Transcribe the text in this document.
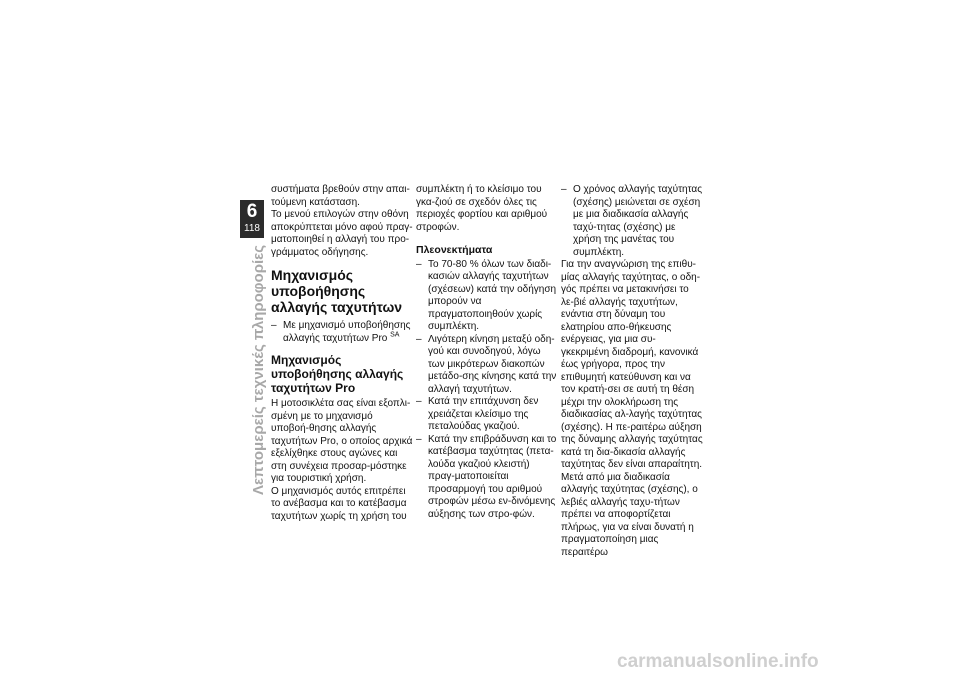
6
118
Λεπτομερείς τεχνικές πληροφορίες

συστήματα βρεθούν στην απαι-τούμενη κατάσταση.
Το μενού επιλογών στην οθόνη αποκρύπτεται μόνο αφού πραγ-ματοποιηθεί η αλλαγή του προ-γράμματος οδήγησης.

Μηχανισμός υποβοήθησης αλλαγής ταχυτήτων
– Με μηχανισμό υποβοήθησης αλλαγής ταχυτήτων Pro $^{SA}$
Μηχανισμός υποβοήθησης αλλαγής ταχυτήτων Pro

Η μοτοσικλέτα σας είναι εξοπλι-σμένη με το μηχανισμό υποβοή-θησης αλλαγής ταχυτήτων Pro, ο οποίος αρχικά εξελίχθηκε στους αγώνες και στη συνέχεια προσαρ-μόστηκε για τουριστική χρήση.
Ο μηχανισμός αυτός επιτρέπει το ανέβασμα και το κατέβασμα ταχυτήτων χωρίς τη χρήση του

συμπλέκτη ή το κλείσιμο του γκα-ζιού σε σχεδόν όλες τις περιοχές φορτίου και αριθμού στροφών.

Πλεονεκτήματα
– Το 70-80 % όλων των διαδι-κασιών αλλαγής ταχυτήτων (σχέσεων) κατά την οδήγηση μπορούν να πραγματοποιηθούν χωρίς συμπλέκτη.
– Λιγότερη κίνηση μεταξύ οδη-γού και συνοδηγού, λόγω των μικρότερων διακοπών μετάδο-σης κίνησης κατά την αλλαγή ταχυτήτων.
– Κατά την επιτάχυνση δεν χρειάζεται κλείσιμο της πεταλούδας γκαζιού.
– Κατά την επιβράδυνση και το κατέβασμα ταχύτητας (πετα-λούδα γκαζιού κλειστή) πραγ-ματοποιείται προσαρμογή του αριθμού στροφών μέσω εν-δινόμενης αύξησης των στρο-φών.
– Ο χρόνος αλλαγής ταχύτητας (σχέσης) μειώνεται σε σχέση με μια διαδικασία αλλαγής ταχύ-τητας (σχέσης) με χρήση της μανέτας του συμπλέκτη.

Για την αναγνώριση της επιθυ-μίας αλλαγής ταχύτητας, ο οδη-γός πρέπει να μετακινήσει το λε-βιέ αλλαγής ταχυτήτων, ενάντια στη δύναμη του ελατηρίου απο-θήκευσης ενέργειας, για μια συ-γκεκριμένη διαδρομή, κανονικά έως γρήγορα, προς την επιθυμητή κατεύθυνση και να τον κρατή-σει σε αυτή τη θέση μέχρι την ολοκλήρωση της διαδικασίας αλ-λαγής ταχύτητας (σχέσης). Η πε-ραιτέρω αύξηση της δύναμης αλλαγής ταχύτητας κατά τη δια-δικασία αλλαγής ταχύτητας δεν είναι απαραίτητη. Μετά από μια διαδικασία αλλαγής ταχύτητας (σχέσης), ο λεβιές αλλαγής ταχυ-τήτων πρέπει να αποφορτίζεται πλήρως, για να είναι δυνατή η πραγματοποίηση μιας περαιτέρω

carmanualsonline.info
